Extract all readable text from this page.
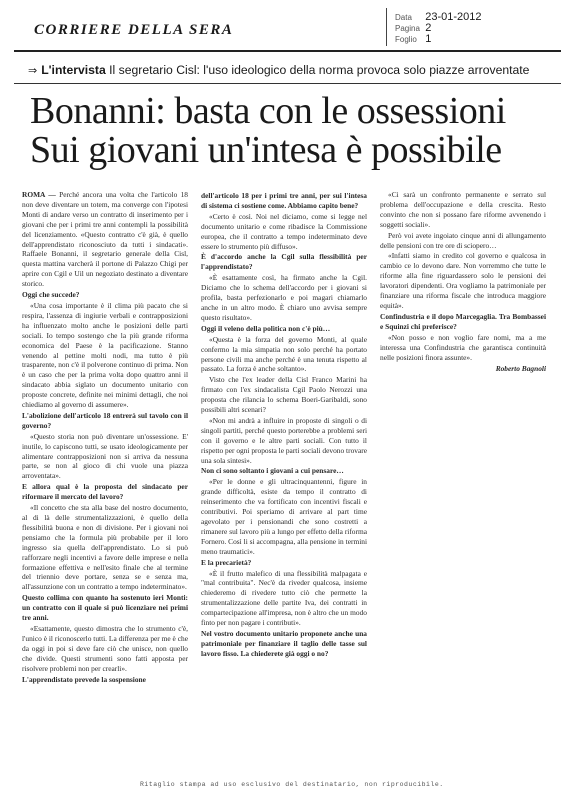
CORRIERE DELLA SERA
Data 23-01-2012
Pagina 2
Foglio 1
⇒ L'intervista Il segretario Cisl: l'uso ideologico della norma provoca solo piazze arroventate
Bonanni: basta con le ossessioni
Sui giovani un'intesa è possibile

ROMA — Perché ancora una volta che l'articolo 18 non deve diventare un totem, ma converge con l'ipotesi Monti di andare verso un contratto di inserimento per i giovani che per i primi tre anni contempli la possibilità del licenziamento. «Questo contratto c'è già, è quello dell'apprendistato riconosciuto da tutti i sindacati». Raffaele Bonanni, il segretario generale della Cisl, questa mattina varcherà il portone di Palazzo Chigi per aprire con Cgil e Uil un negoziato destinato a diventare storico.

Oggi che succede?

«Una cosa importante è il clima più pacato che si respira, l'assenza di ingiurie verbali e contrapposizioni ha influenzato molto anche le posizioni delle parti sociali. Io tempo sostengo che la più grande riforma economica del Paese è la pacificazione. Stanno venendo al pettine molti nodi, ma tutto è più trasparente, non c'è il polverone continuo di prima. Non è un caso che per la prima volta dopo quattro anni il sindacato abbia siglato un documento unitario con proposte concrete, definite nei minimi dettagli, che noi chiediamo al governo di assumere».

L'abolizione dell'articolo 18 entrerà sul tavolo con il governo?

«Questo storia non può diventare un'ossessione. E' inutile, lo capiscono tutti, se usato ideologicamente per alimentare contrapposizioni non si arriva da nessuna parte, se non al gioco di chi vuole una piazza arroventata».

E allora qual è la proposta del sindacato per riformare il mercato del lavoro?

«Il concetto che sta alla base del nostro documento, al di là delle strumentalizzazioni, è quello della flessibilità buona e non di divisione. Per i giovani noi pensiamo che la formula più probabile per il loro ingresso sia quella dell'apprendistato. Lo si può rafforzare negli incentivi a favore delle imprese e nella formazione effettiva e nell'esito finale che al termine del triennio deve portare, senza se e senza ma, all'assunzione con un contratto a tempo indeterminato».

Questo collima con quanto ha sostenuto ieri Monti: un contratto con il quale si può licenziare nei primi tre anni.

«Esattamente, questo dimostra che lo strumento c'è, l'unico è il riconoscerlo tutti. La differenza per me è che da oggi in poi si deve fare ciò che unisce, non quello che divide. Questi strumenti sono fatti apposta per risolvere problemi non per crearli».

L'apprendistato prevede la sospensione

dell'articolo 18 per i primi tre anni, per sui l'intesa di sistema ci sostiene come. Abbiamo capito bene?

«Certo è così. Noi nel diciamo, come si legge nel documento unitario e come ribadisce la Commissione europea, che il contratto a tempo indeterminato deve essere lo strumento più diffuso».

È d'accordo anche la Cgil sulla flessibilità per l'apprendistato?

«È esattamente così, ha firmato anche la Cgil. Diciamo che lo schema dell'accordo per i giovani si profila, basta perfezionarlo e poi magari chiamarlo anche in un altro modo. È chiaro uno avvisa sempre questo risultato».

Oggi il veleno della polìtica non c'è più…

«Questa è la forza del governo Monti, al quale confermo la mia simpatia non solo perché ha portato persone civili ma anche perché è una tenuta rispetto al passato. La forza è anche soltanto».

Visto che l'ex leader della Cisl Franco Marini ha firmato con l'ex sindacalista Cgil Paolo Nerozzi una proposta che rilancia lo schema Boeri-Garibaldi, sono possibili altri scenari?

«Non mi andrà a influire in proposte di singoli o di singoli partiti, perché questo porterebbe a problemi seri con il governo e le altre parti sociali. Con tutto il rispetto per ogni proposta le parti sociali devono trovare una sola sintesi».

Non ci sono soltanto i giovani a cui pensare…

«Per le donne e gli ultracinquantenni, figure in grande difficoltà, esiste da tempo il contratto di reinserimento che va fortificato con incentivi fiscali e contributivi. Poi speriamo di arrivare al part time agevolato per i pensionandi che sono costretti a rimanere sul lavoro più a lungo per effetto della riforma Fornero. Così li si accompagna, alla pensione in termini meno traumatici».

E la precarietà?

«È il frutto malefico di una flessibilità malpagata e "mal contribuita". Nec'è da riveder qualcosa, insieme chiederemo di rivedere tutto ciò che permette la strumentalizzazione delle partite Iva, dei contratti in compartecipazione all'impresa, non è altro che un modo finto per non pagare i contributi».

Nel vostro documento unitario proponete anche una patrimoniale per finanziare il taglio delle tasse sul lavoro fisso. La chiederete già oggi o no?

«Ci sarà un confronto permanente e serrato sul problema dell'occupazione e della crescita. Resto convinto che non si possano fare riforme avvenendo i soggetti sociali».

Però voi avete ingoiato cinque anni di allungamento delle pensioni con tre ore di sciopero…

«Infatti siamo in credito col governo e qualcosa in cambio ce lo devono dare. Non vorremmo che tutte le riforme alla fine riguardassero solo le pensioni dei lavoratori dipendenti. Ora vogliamo la patrimoniale per finanziare una riforma fiscale che introduca maggiore equità».

Confindustria e il dopo Marcegaglia. Tra Bombassei e Squinzi chi preferisce?

«Non posso e non voglio fare nomi, ma a me interessa una Confindustria che garantisca continuità nelle posizioni finora assunte».

Roberto Bagnoli

Ritaglio stampa ad uso esclusivo del destinatario, non riproducibile.
